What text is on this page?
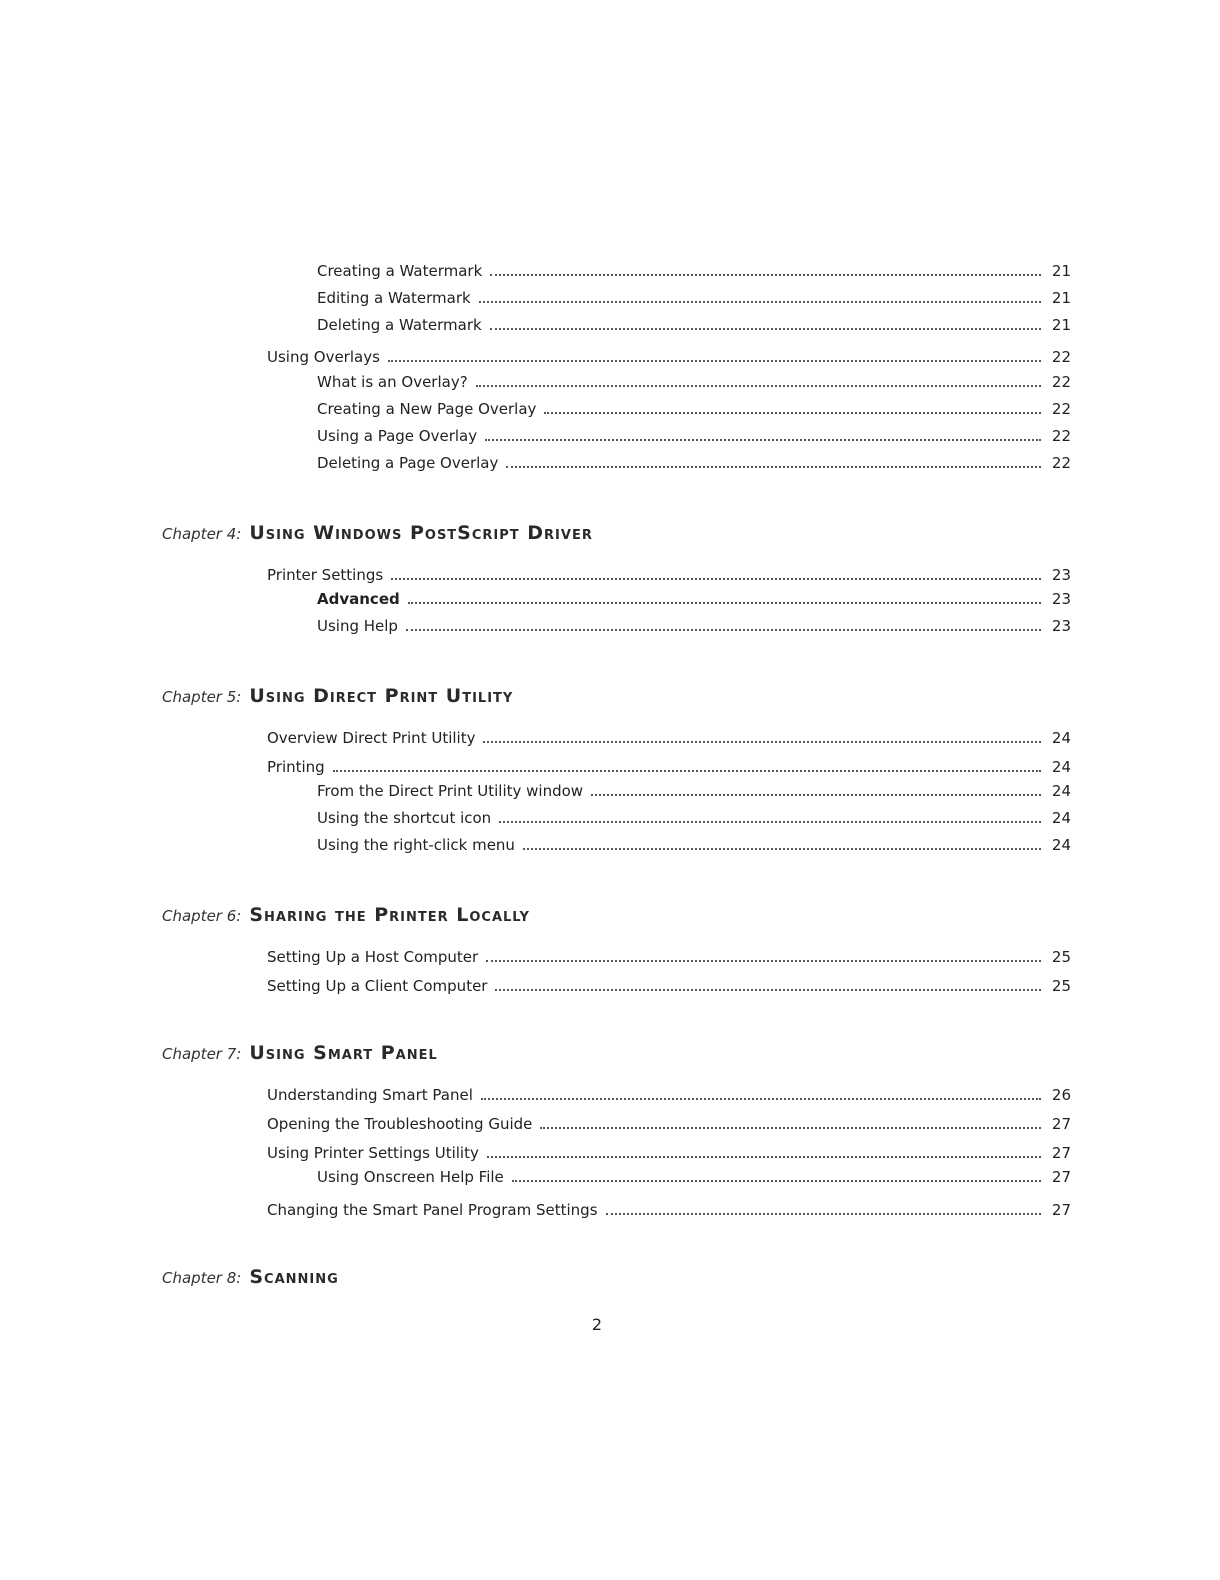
Creating a Watermark	21
Editing a Watermark	21
Deleting a Watermark	21
Using Overlays	22
What is an Overlay?	22
Creating a New Page Overlay	22
Using a Page Overlay	22
Deleting a Page Overlay	22
Chapter 4: Using Windows PostScript Driver
Printer Settings	23
Advanced	23
Using Help	23
Chapter 5: Using Direct Print Utility
Overview Direct Print Utility	24
Printing	24
From the Direct Print Utility window	24
Using the shortcut icon	24
Using the right-click menu	24
Chapter 6: Sharing the Printer Locally
Setting Up a Host Computer	25
Setting Up a Client Computer	25
Chapter 7: Using Smart Panel
Understanding Smart Panel	26
Opening the Troubleshooting Guide	27
Using Printer Settings Utility	27
Using Onscreen Help File	27
Changing the Smart Panel Program Settings	27
Chapter 8: Scanning
2
